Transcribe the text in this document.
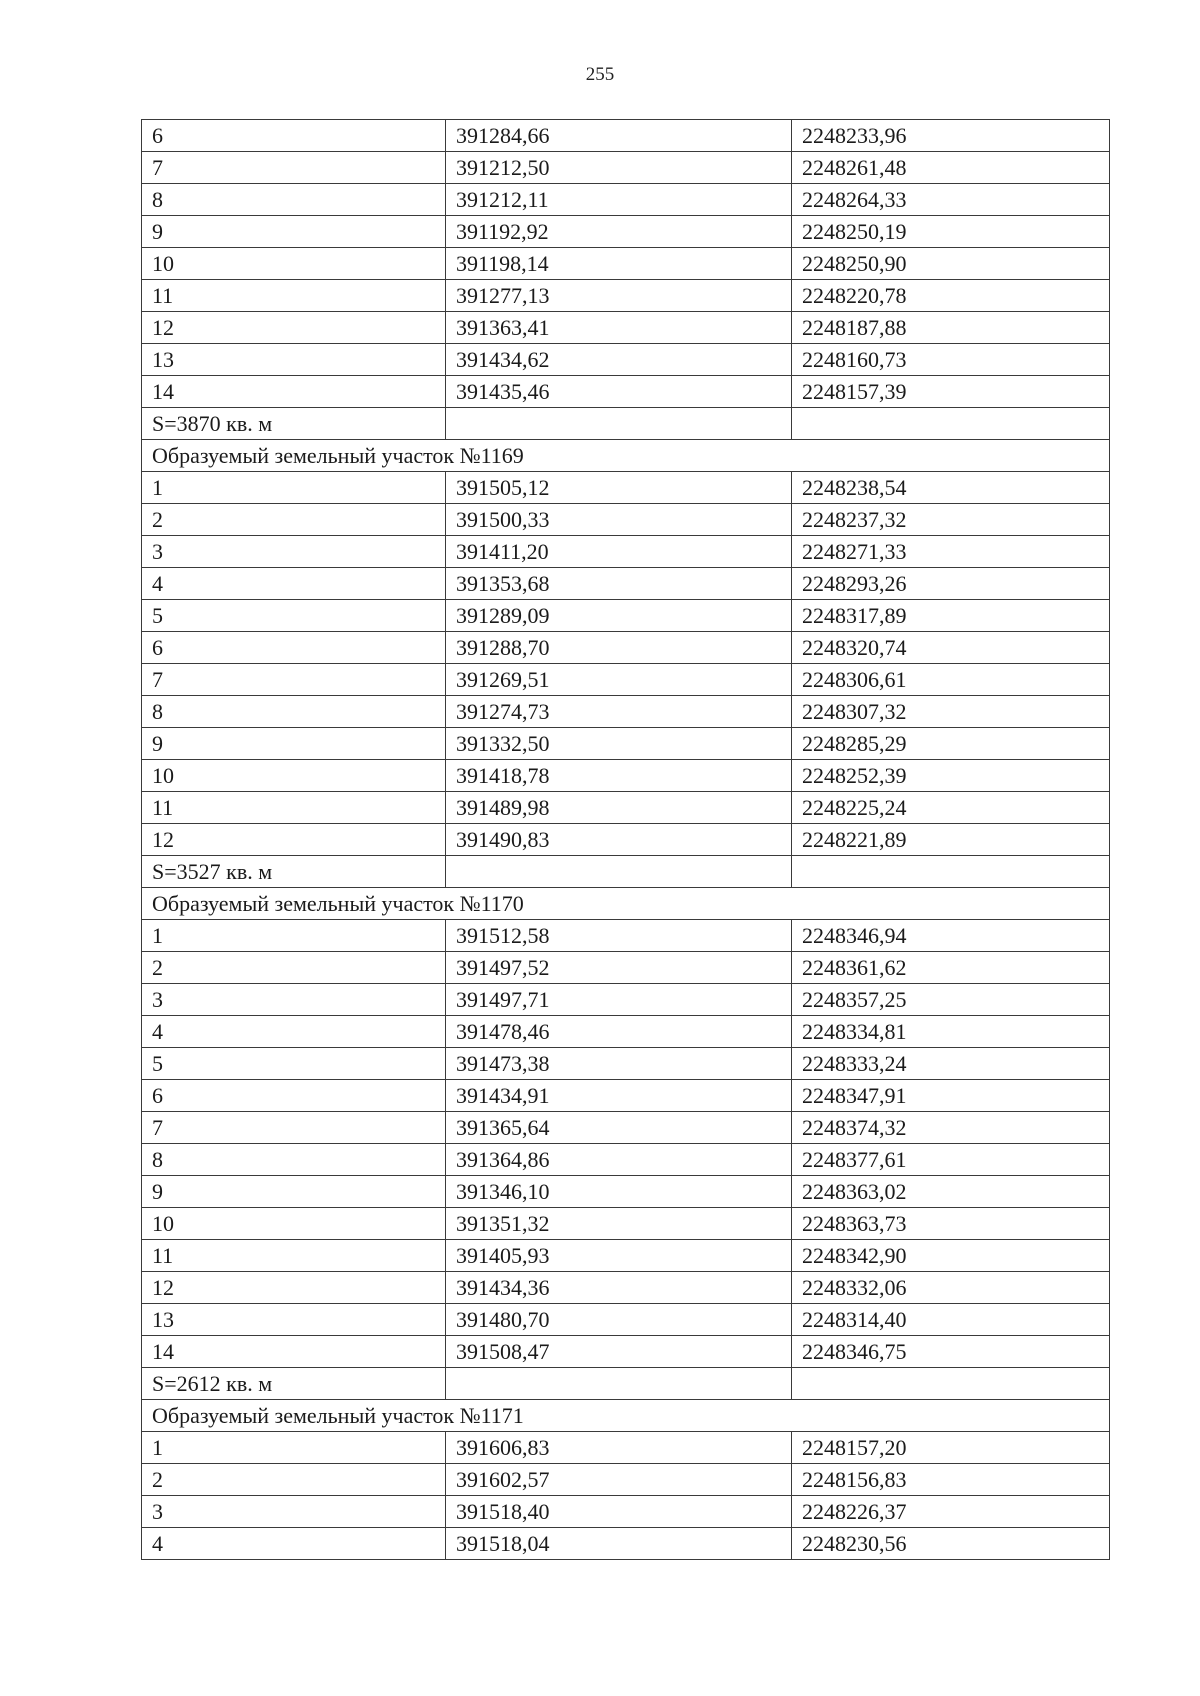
255
6	391284,66	2248233,96
7	391212,50	2248261,48
8	391212,11	2248264,33
9	391192,92	2248250,19
10	391198,14	2248250,90
11	391277,13	2248220,78
12	391363,41	2248187,88
13	391434,62	2248160,73
14	391435,46	2248157,39
S=3870 кв. м		
Образуемый земельный участок №1169		
1	391505,12	2248238,54
2	391500,33	2248237,32
3	391411,20	2248271,33
4	391353,68	2248293,26
5	391289,09	2248317,89
6	391288,70	2248320,74
7	391269,51	2248306,61
8	391274,73	2248307,32
9	391332,50	2248285,29
10	391418,78	2248252,39
11	391489,98	2248225,24
12	391490,83	2248221,89
S=3527 кв. м		
Образуемый земельный участок №1170		
1	391512,58	2248346,94
2	391497,52	2248361,62
3	391497,71	2248357,25
4	391478,46	2248334,81
5	391473,38	2248333,24
6	391434,91	2248347,91
7	391365,64	2248374,32
8	391364,86	2248377,61
9	391346,10	2248363,02
10	391351,32	2248363,73
11	391405,93	2248342,90
12	391434,36	2248332,06
13	391480,70	2248314,40
14	391508,47	2248346,75
S=2612 кв. м		
Образуемый земельный участок №1171		
1	391606,83	2248157,20
2	391602,57	2248156,83
3	391518,40	2248226,37
4	391518,04	2248230,56
